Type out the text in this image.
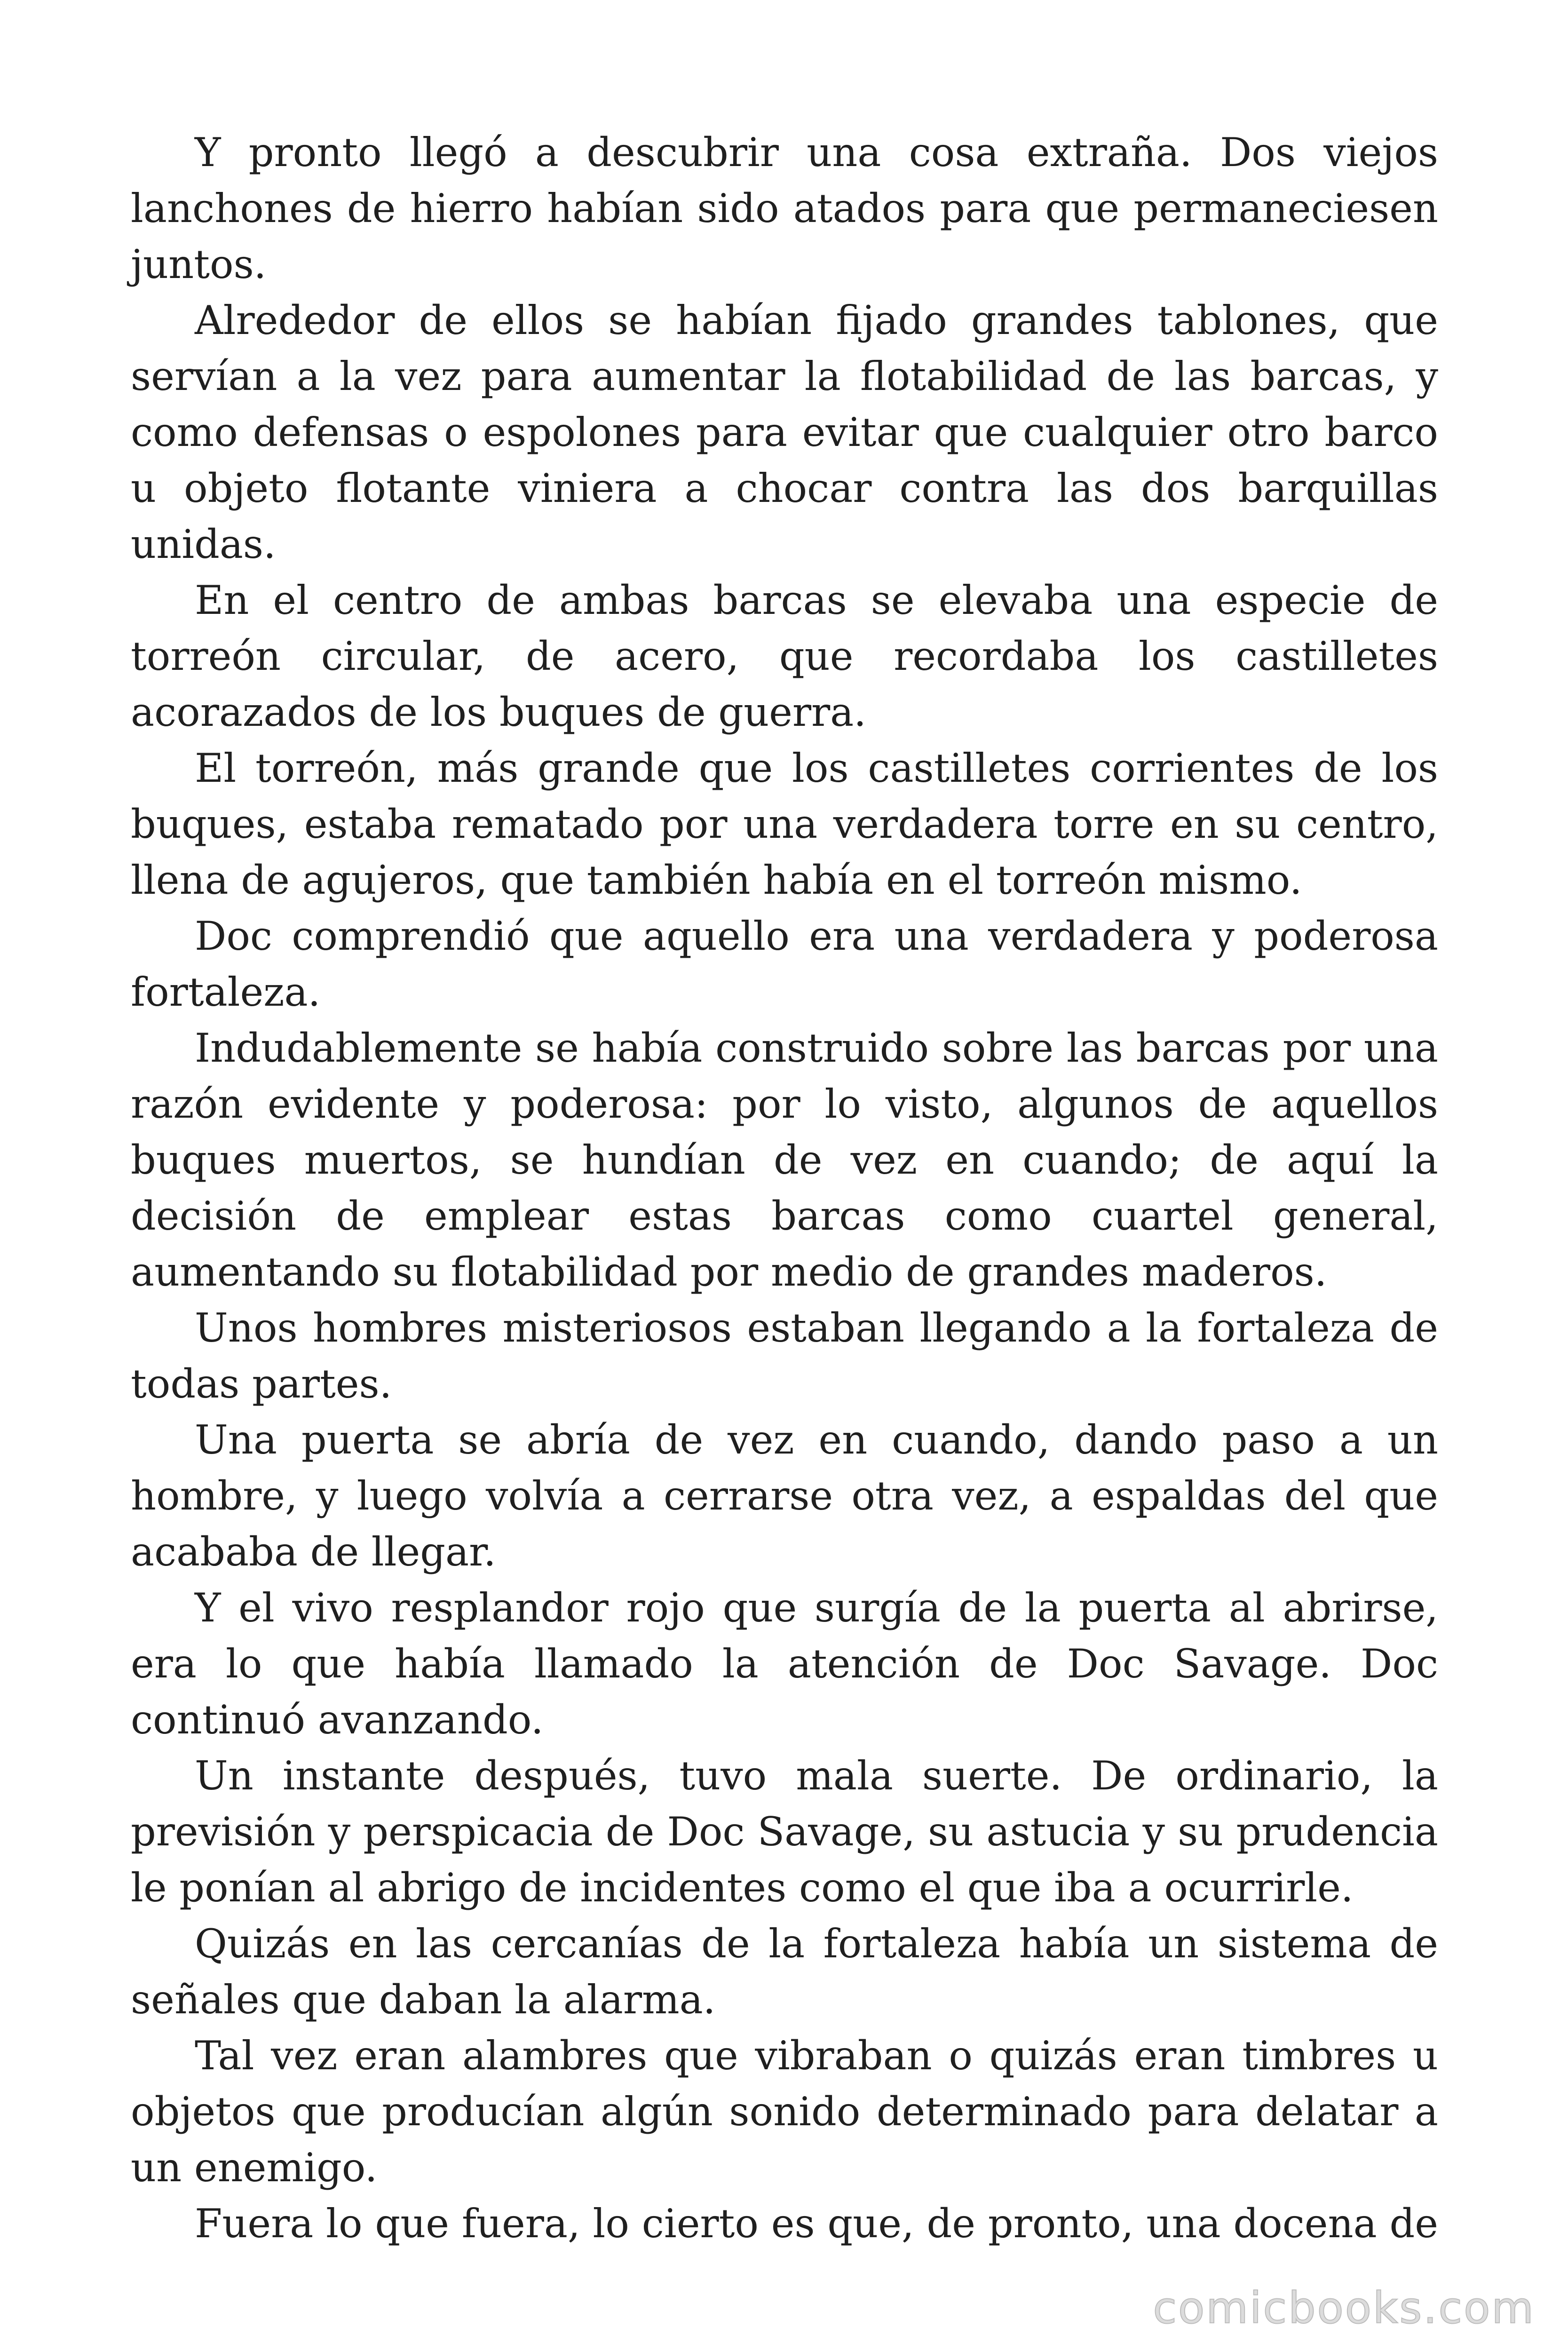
Y pronto llegó a descubrir una cosa extraña. Dos viejos lanchones de hierro habían sido atados para que permaneciesen juntos.

Alrededor de ellos se habían fijado grandes tablones, que servían a la vez para aumentar la flotabilidad de las barcas, y como defensas o espolones para evitar que cualquier otro barco u objeto flotante viniera a chocar contra las dos barquillas unidas.

En el centro de ambas barcas se elevaba una especie de torreón circular, de acero, que recordaba los castilletes acorazados de los buques de guerra.

El torreón, más grande que los castilletes corrientes de los buques, estaba rematado por una verdadera torre en su centro, llena de agujeros, que también había en el torreón mismo.

Doc comprendió que aquello era una verdadera y poderosa fortaleza.

Indudablemente se había construido sobre las barcas por una razón evidente y poderosa: por lo visto, algunos de aquellos buques muertos, se hundían de vez en cuando; de aquí la decisión de emplear estas barcas como cuartel general, aumentando su flotabilidad por medio de grandes maderos.

Unos hombres misteriosos estaban llegando a la fortaleza de todas partes.

Una puerta se abría de vez en cuando, dando paso a un hombre, y luego volvía a cerrarse otra vez, a espaldas del que acababa de llegar.

Y el vivo resplandor rojo que surgía de la puerta al abrirse, era lo que había llamado la atención de Doc Savage. Doc continuó avanzando.

Un instante después, tuvo mala suerte. De ordinario, la previsión y perspicacia de Doc Savage, su astucia y su prudencia le ponían al abrigo de incidentes como el que iba a ocurrirle.

Quizás en las cercanías de la fortaleza había un sistema de señales que daban la alarma.

Tal vez eran alambres que vibraban o quizás eran timbres u objetos que producían algún sonido determinado para delatar a un enemigo.

Fuera lo que fuera, lo cierto es que, de pronto, una docena de

comicbooks.com
